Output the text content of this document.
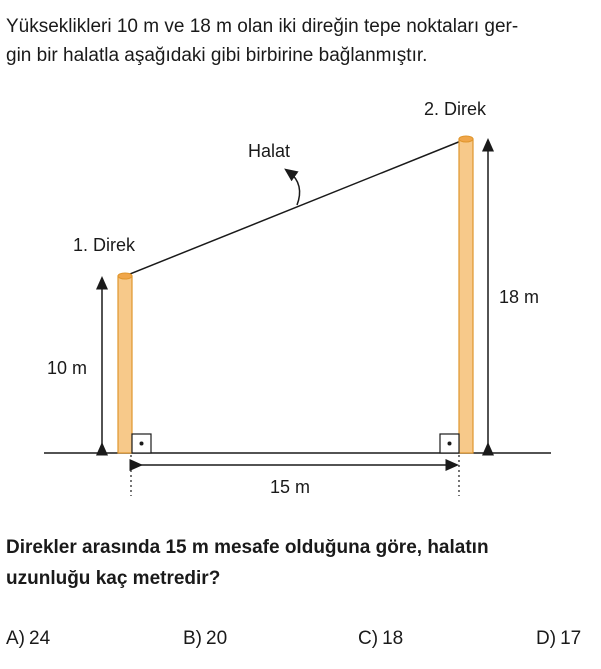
Yükseklikleri 10 m ve 18 m olan iki direğin tepe noktaları ger-
gin bir halatla aşağıdaki gibi birbirine bağlanmıştır.
1. Direk
2. Direk
Halat
10 m
18 m
15 m
Direkler arasında 15 m mesafe olduğuna göre, halatın
uzunluğu kaç metredir?
A) 24	B) 20	C) 18	D) 17
